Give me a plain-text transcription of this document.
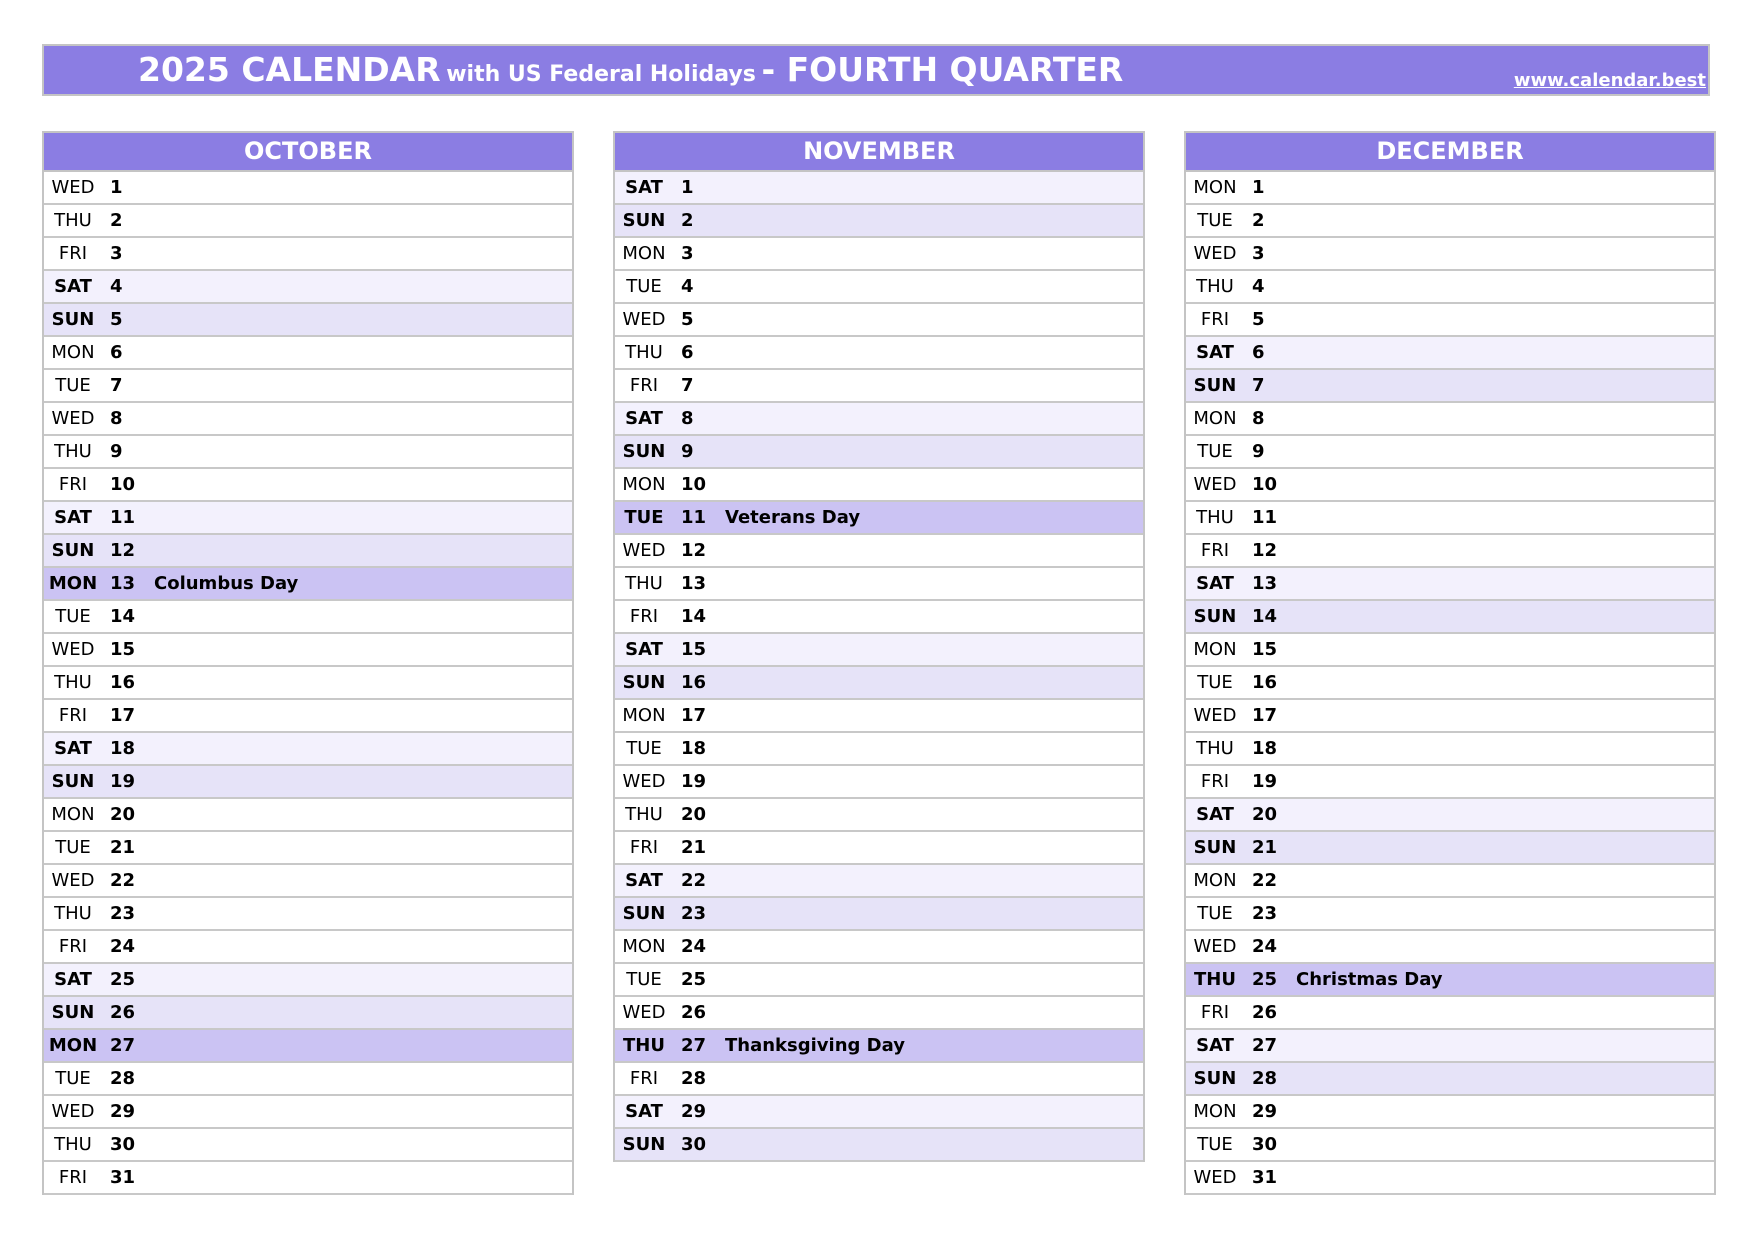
2025 CALENDAR with US Federal Holidays - FOURTH QUARTER	www.calendar.best
OCTOBER
WED 1
THU	2
FRI	3
SAT	4
SUN 5
MON 6
TUE	7
WED 8
THU	9
FRI	10
SAT	11
SUN 12
MON 13	Columbus Day
TUE	14
WED 15
THU	16
FRI	17
SAT	18
SUN 19
MON 20
TUE	21
WED 22
THU	23
FRI	24
SAT	25
SUN 26
MON 27
TUE	28
WED 29
THU	30
FRI	31
NOVEMBER
SAT	1
SUN 2
MON 3
TUE	4
WED 5
THU	6
FRI	7
SAT	8
SUN 9
MON 10
TUE 11	Veterans Day
WED 12
THU	13
FRI	14
SAT	15
SUN 16
MON 17
TUE	18
WED 19
THU	20
FRI	21
SAT	22
SUN 23
MON 24
TUE	25
WED 26
THU 27	Thanksgiving Day
FRI	28
SAT	29
SUN 30
DECEMBER
MON 1
TUE	2
WED 3
THU	4
FRI	5
SAT	6
SUN 7
MON 8
TUE	9
WED 10
THU	11
FRI	12
SAT	13
SUN 14
MON 15
TUE	16
WED 17
THU	18
FRI	19
SAT	20
SUN 21
MON 22
TUE	23
WED 24
THU 25	Christmas Day
FRI	26
SAT	27
SUN 28
MON 29
TUE	30
WED 31
